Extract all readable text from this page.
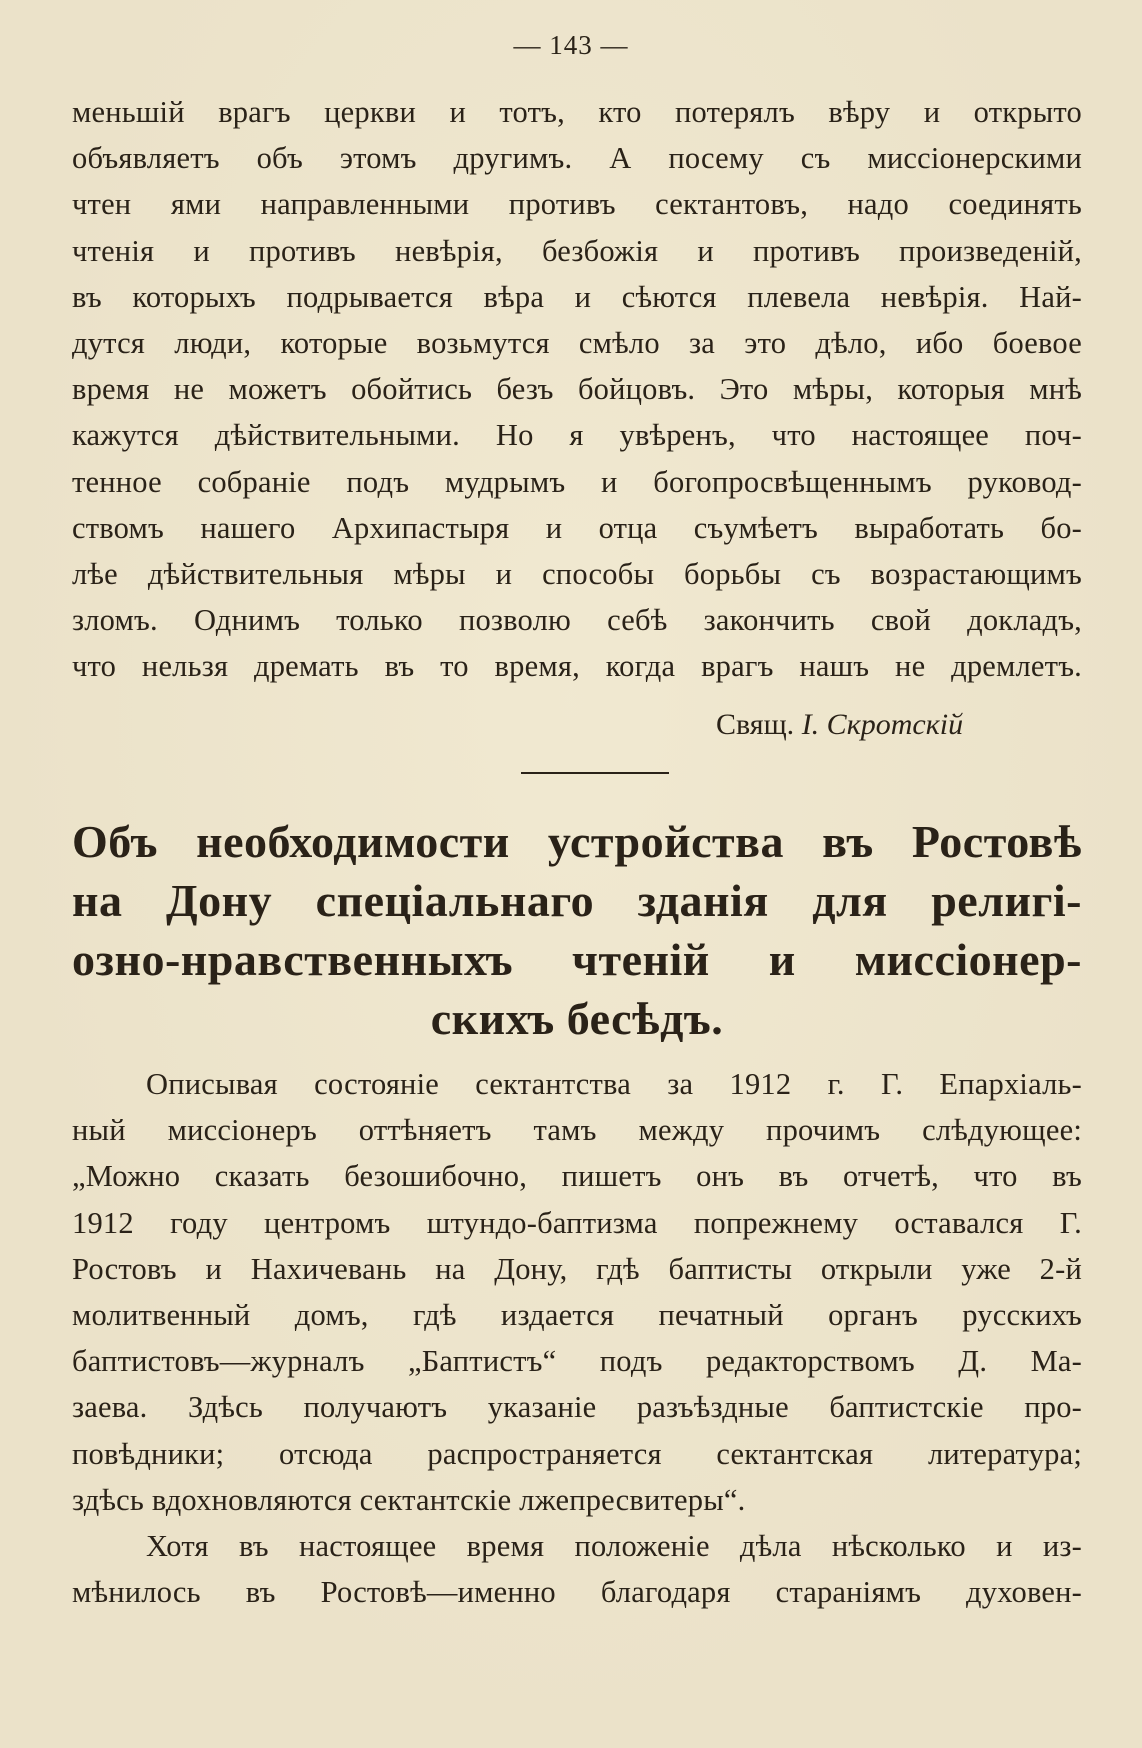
— 143 —
меньшій врагъ церкви и тотъ, кто потерялъ вѣру и открыто
объявляетъ объ этомъ другимъ. А посему съ миссіонерскими
чтен ями направленными противъ сектантовъ, надо соединять
чтенія и противъ невѣрія, безбожія и противъ произведеній,
въ которыхъ подрывается вѣра и сѣются плевела невѣрія. Най-
дутся люди, которые возьмутся смѣло за это дѣло, ибо боевое
время не можетъ обойтись безъ бойцовъ. Это мѣры, которыя мнѣ
кажутся дѣйствительными. Но я увѣренъ, что настоящее поч-
тенное собраніе подъ мудрымъ и богопросвѣщеннымъ руковод-
ствомъ нашего Архипастыря и отца съумѣетъ выработать бо-
лѣе дѣйствительныя мѣры и способы борьбы съ возрастающимъ
зломъ. Однимъ только позволю себѣ закончить свой докладъ,
что нельзя дремать въ то время, когда врагъ нашъ не дремлетъ.
Свящ. І. Скротскій
Объ необходимости устройства въ Ростовѣ
на Дону спеціальнаго зданія для религі-
озно-нравственныхъ чтеній и миссіонер-
скихъ бесѣдъ.
Описывая состояніе сектантства за 1912 г. Г. Епархіаль-
ный миссіонеръ оттѣняетъ тамъ между прочимъ слѣдующее:
„Можно сказать безошибочно, пишетъ онъ въ отчетѣ, что въ
1912 году центромъ штундо-баптизма попрежнему оставался Г.
Ростовъ и Нахичевань на Дону, гдѣ баптисты открыли уже 2-й
молитвенный домъ, гдѣ издается печатный органъ русскихъ
баптистовъ—журналъ „Баптистъ“ подъ редакторствомъ Д. Ма-
заева. Здѣсь получаютъ указаніе разъѣздные баптистскіе про-
повѣдники; отсюда распространяется сектантская литература;
здѣсь вдохновляются сектантскіе лжепресвитеры“.
Хотя въ настоящее время положеніе дѣла нѣсколько и из-
мѣнилось въ Ростовѣ—именно благодаря стараніямъ духовен-
